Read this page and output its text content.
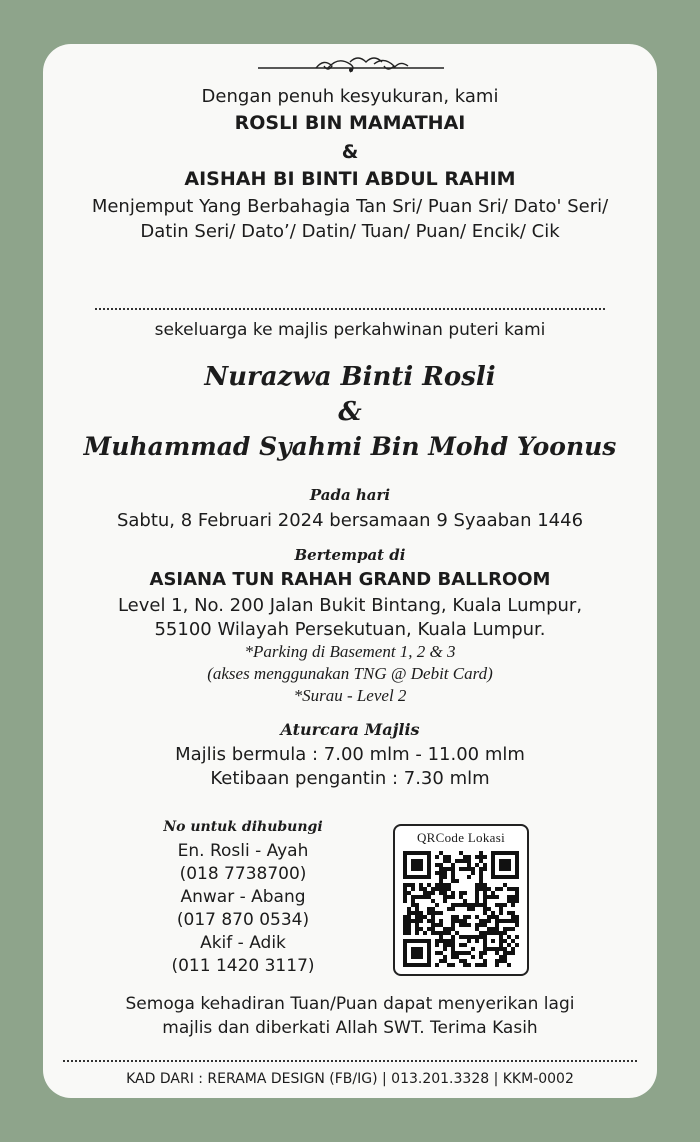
Dengan penuh kesyukuran, kami
ROSLI BIN MAMATHAI
&
AISHAH BI BINTI ABDUL RAHIM
Menjemput Yang Berbahagia Tan Sri/ Puan Sri/ Dato' Seri/
Datin Seri/ Dato’/ Datin/ Tuan/ Puan/ Encik/ Cik
sekeluarga ke majlis perkahwinan puteri kami
Nurazwa Binti Rosli
&
Muhammad Syahmi Bin Mohd Yoonus
Pada hari
Sabtu, 8 Februari 2024 bersamaan 9 Syaaban 1446
Bertempat di
ASIANA TUN RAHAH GRAND BALLROOM
Level 1, No. 200 Jalan Bukit Bintang, Kuala Lumpur,
55100 Wilayah Persekutuan, Kuala Lumpur.
*Parking di Basement 1, 2 & 3
(akses menggunakan TNG @ Debit Card)
*Surau - Level 2
Aturcara Majlis
Majlis bermula : 7.00 mlm - 11.00 mlm
Ketibaan pengantin : 7.30 mlm
No untuk dihubungi
En. Rosli - Ayah
(018 7738700)
Anwar - Abang
(017 870 0534)
Akif - Adik
(011 1420 3117)
QRCode Lokasi
Semoga kehadiran Tuan/Puan dapat menyerikan lagi
majlis dan diberkati Allah SWT. Terima Kasih
KAD DARI : RERAMA DESIGN (FB/IG) | 013.201.3328 | KKM-0002
